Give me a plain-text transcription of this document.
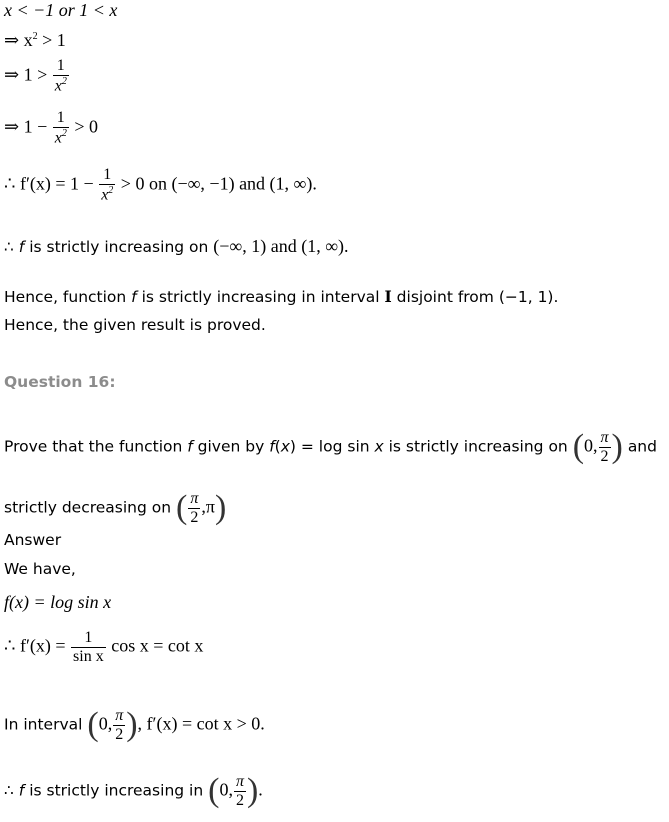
x < −1 or 1 < x
⇒ $x^2 > 1$
⇒ $1 > \frac{1}{x^2}$
⇒ $1 - \frac{1}{x^2} > 0$
∴ $f'(x) = 1 - \frac{1}{x^2} > 0$ on (−∞, −1) and (1, ∞).
∴ f is strictly increasing on (−∞, 1) and (1, ∞).
Hence, function f is strictly increasing in interval I disjoint from (−1, 1).
Hence, the given result is proved.
Question 16:
Prove that the function f given by f(x) = log sin x is strictly increasing on (0, $\frac{\pi}{2}$ ) and
strictly decreasing on ( $\frac{\pi}{2} ,\pi$)
Answer
We have,
f(x) = log sin x
∴ $f'(x) = \frac{1}{\text{sin x}}$ cos x = cot x
In interval (0, $\frac{\pi}{2}$ ), f′(x) = cot x > 0.
∴ f is strictly increasing in (0, $\frac{\pi}{2}$ ).
